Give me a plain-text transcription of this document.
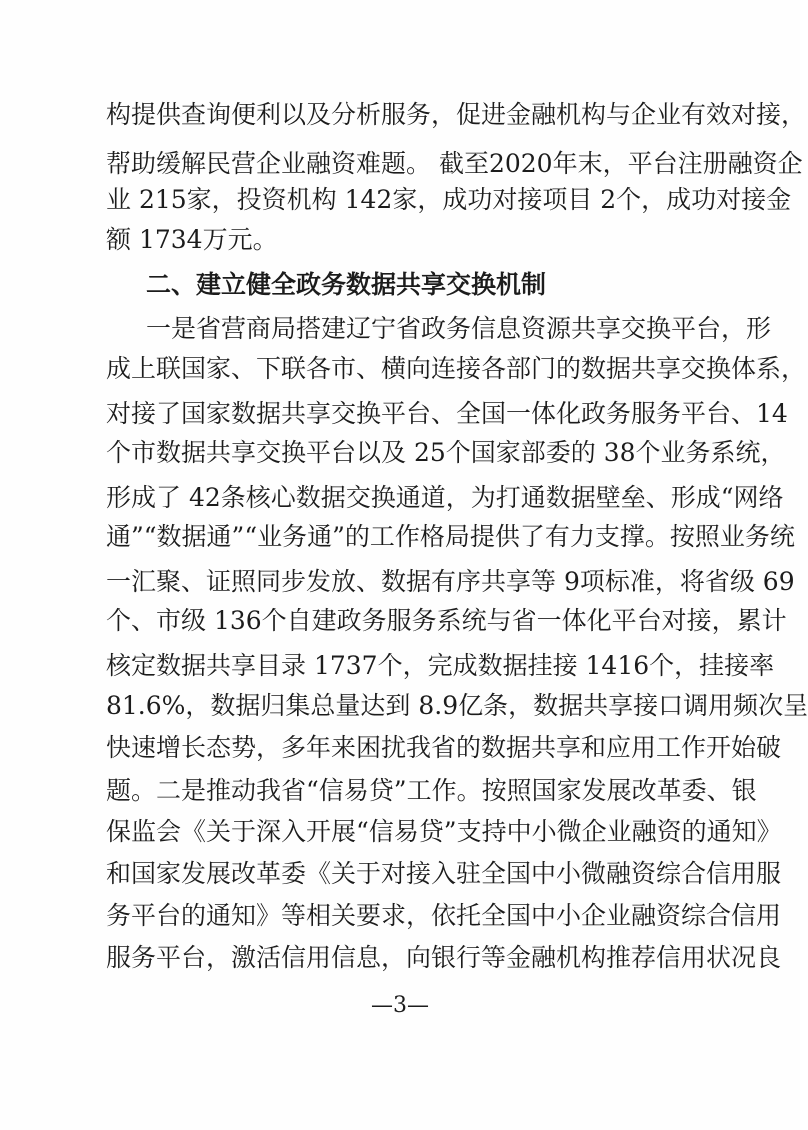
构提供查询便利以及分析服务，促进金融机构与企业有效对接，
帮助缓解民营企业融资难题。 截至2020年末，平台注册融资企
业 215家，投资机构 142家，成功对接项目 2个，成功对接金
额 1734万元。
二、建立健全政务数据共享交换机制
一是省营商局搭建辽宁省政务信息资源共享交换平台，形
成上联国家、下联各市、横向连接各部门的数据共享交换体系，
对接了国家数据共享交换平台、全国一体化政务服务平台、14
个市数据共享交换平台以及 25个国家部委的 38个业务系统，
形成了 42条核心数据交换通道，为打通数据壁垒、形成“网络
通”“数据通”“业务通”的工作格局提供了有力支撑。按照业务统
一汇聚、证照同步发放、数据有序共享等 9项标准，将省级 69
个、市级 136个自建政务服务系统与省一体化平台对接，累计
核定数据共享目录 1737个，完成数据挂接 1416个，挂接率
81.6%，数据归集总量达到 8.9亿条，数据共享接口调用频次呈
快速增长态势，多年来困扰我省的数据共享和应用工作开始破
题。二是推动我省“信易贷”工作。按照国家发展改革委、银
保监会《关于深入开展“信易贷”支持中小微企业融资的通知》
和国家发展改革委《关于对接入驻全国中小微融资综合信用服
务平台的通知》等相关要求，依托全国中小企业融资综合信用
服务平台，激活信用信息，向银行等金融机构推荐信用状况良
—3—
